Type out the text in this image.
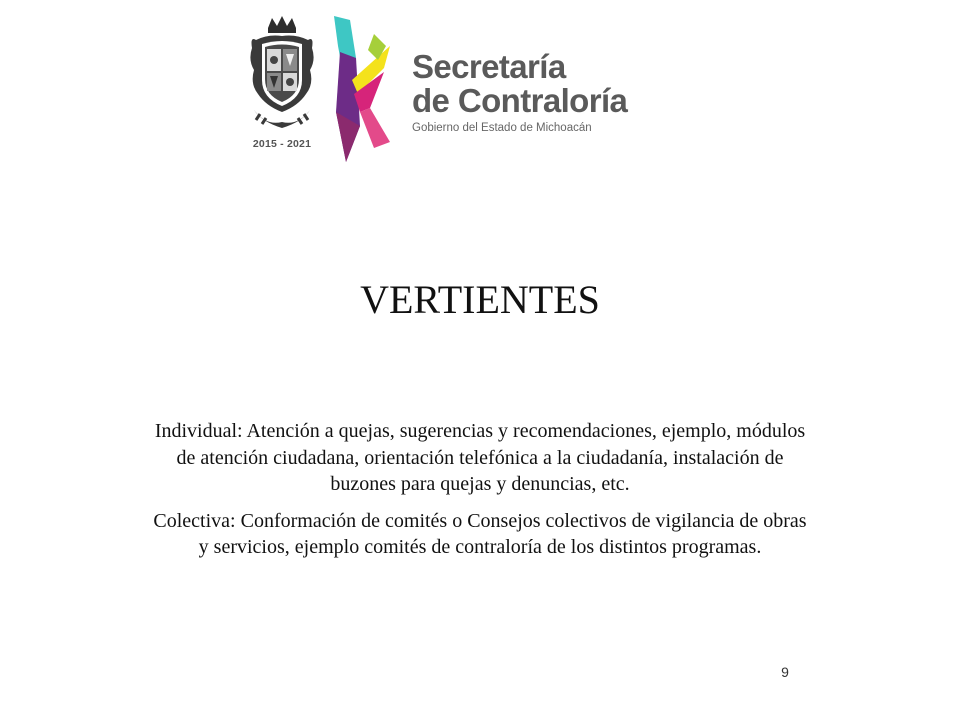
2015 - 2021
Secretaría
de Contraloría
Gobierno del Estado de Michoacán
VERTIENTES

Individual: Atención a quejas, sugerencias y recomendaciones, ejemplo, módulos de atención ciudadana, orientación telefónica a la ciudadanía, instalación de buzones para quejas y denuncias, etc.

Colectiva: Conformación de comités o Consejos colectivos de vigilancia de obras y servicios, ejemplo comités de contraloría de los distintos programas.

9
